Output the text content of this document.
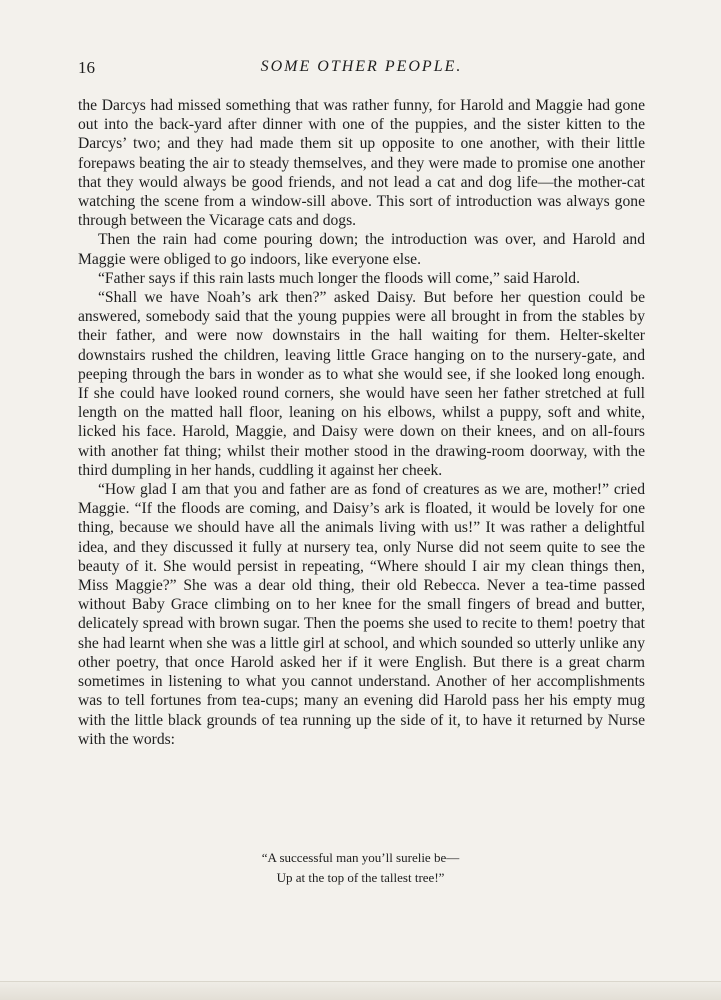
16	SOME OTHER PEOPLE.

the Darcys had missed something that was rather funny, for Harold and Maggie had gone out into the back-yard after dinner with one of the puppies, and the sister kitten to the Darcys’ two; and they had made them sit up opposite to one another, with their little forepaws beating the air to steady themselves, and they were made to promise one another that they would always be good friends, and not lead a cat and dog life—the mother-cat watching the scene from a window-sill above. This sort of introduction was always gone through between the Vicarage cats and dogs.

Then the rain had come pouring down; the introduction was over, and Harold and Maggie were obliged to go indoors, like everyone else.

“Father says if this rain lasts much longer the floods will come,” said Harold.

“Shall we have Noah’s ark then?” asked Daisy. But before her question could be answered, somebody said that the young puppies were all brought in from the stables by their father, and were now downstairs in the hall waiting for them. Helter-skelter downstairs rushed the children, leaving little Grace hanging on to the nursery-gate, and peeping through the bars in wonder as to what she would see, if she looked long enough. If she could have looked round corners, she would have seen her father stretched at full length on the matted hall floor, leaning on his elbows, whilst a puppy, soft and white, licked his face. Harold, Maggie, and Daisy were down on their knees, and on all-fours with another fat thing; whilst their mother stood in the drawing-room doorway, with the third dumpling in her hands, cuddling it against her cheek.

“How glad I am that you and father are as fond of creatures as we are, mother!” cried Maggie. “If the floods are coming, and Daisy’s ark is floated, it would be lovely for one thing, because we should have all the animals living with us!” It was rather a delightful idea, and they discussed it fully at nursery tea, only Nurse did not seem quite to see the beauty of it. She would persist in repeating, “Where should I air my clean things then, Miss Maggie?” She was a dear old thing, their old Rebecca. Never a tea-time passed without Baby Grace climbing on to her knee for the small fingers of bread and butter, delicately spread with brown sugar. Then the poems she used to recite to them! poetry that she had learnt when she was a little girl at school, and which sounded so utterly unlike any other poetry, that once Harold asked her if it were English. But there is a great charm sometimes in listening to what you cannot understand. Another of her accomplishments was to tell fortunes from tea-cups; many an evening did Harold pass her his empty mug with the little black grounds of tea running up the side of it, to have it returned by Nurse with the words:

“A successful man you’ll surelie be—
Up at the top of the tallest tree!”
